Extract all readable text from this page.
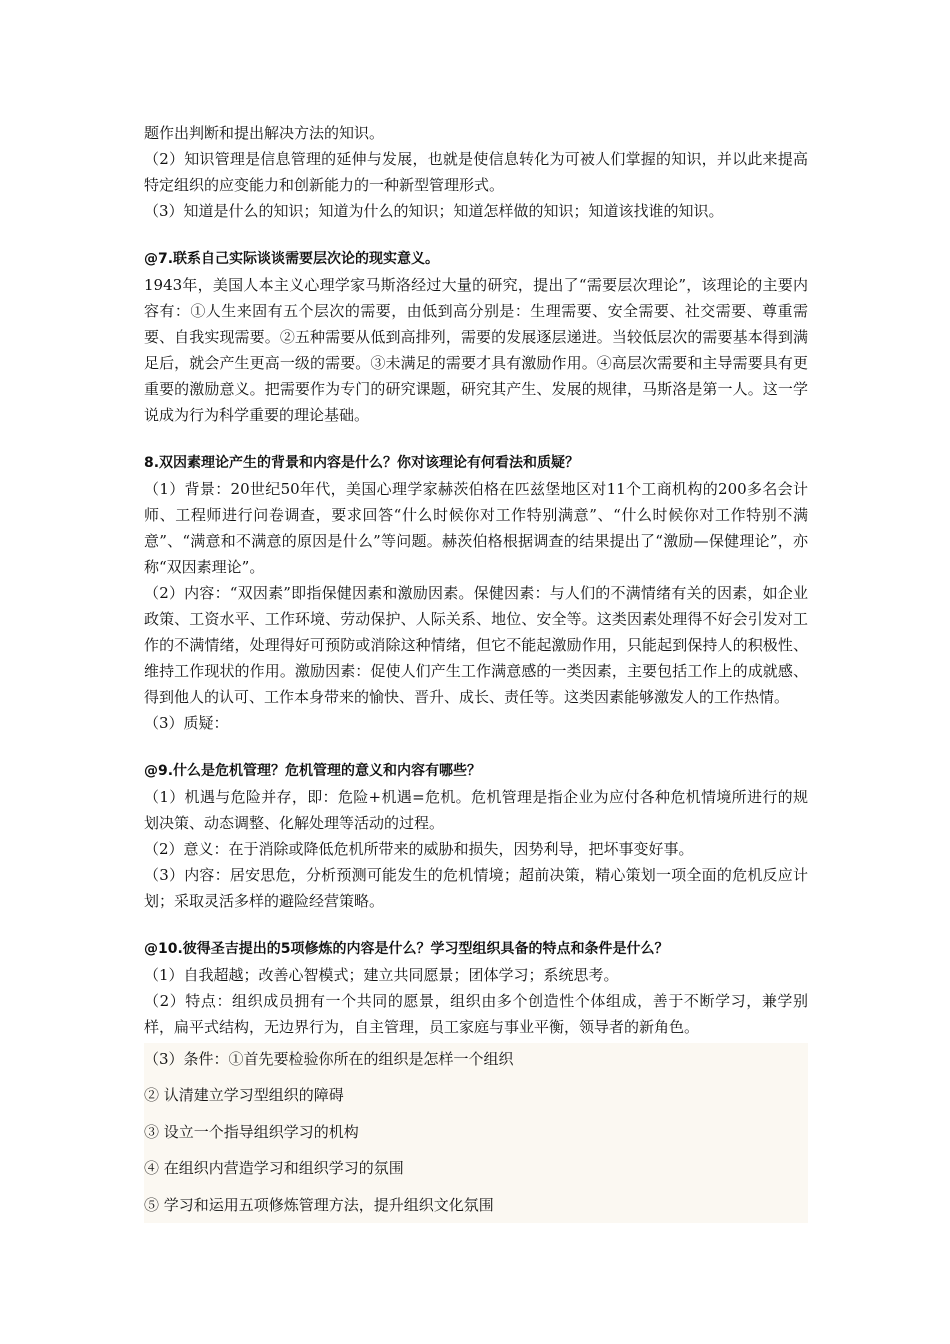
题作出判断和提出解决方法的知识。

（2）知识管理是信息管理的延伸与发展，也就是使信息转化为可被人们掌握的知识，并以此来提高特定组织的应变能力和创新能力的一种新型管理形式。

（3）知道是什么的知识；知道为什么的知识；知道怎样做的知识；知道该找谁的知识。

@7.联系自己实际谈谈需要层次论的现实意义。

1943年，美国人本主义心理学家马斯洛经过大量的研究，提出了“需要层次理论”，该理论的主要内容有：①人生来固有五个层次的需要，由低到高分别是：生理需要、安全需要、社交需要、尊重需要、自我实现需要。②五种需要从低到高排列，需要的发展逐层递进。当较低层次的需要基本得到满足后，就会产生更高一级的需要。③未满足的需要才具有激励作用。④高层次需要和主导需要具有更重要的激励意义。把需要作为专门的研究课题，研究其产生、发展的规律，马斯洛是第一人。这一学说成为行为科学重要的理论基础。

8.双因素理论产生的背景和内容是什么？你对该理论有何看法和质疑？

（1）背景：20世纪50年代，美国心理学家赫茨伯格在匹兹堡地区对11个工商机构的200多名会计师、工程师进行问卷调查，要求回答“什么时候你对工作特别满意”、“什么时候你对工作特别不满意”、“满意和不满意的原因是什么”等问题。赫茨伯格根据调查的结果提出了“激励—保健理论”，亦称“双因素理论”。

（2）内容：“双因素”即指保健因素和激励因素。保健因素：与人们的不满情绪有关的因素，如企业政策、工资水平、工作环境、劳动保护、人际关系、地位、安全等。这类因素处理得不好会引发对工作的不满情绪，处理得好可预防或消除这种情绪，但它不能起激励作用，只能起到保持人的积极性、维持工作现状的作用。激励因素：促使人们产生工作满意感的一类因素，主要包括工作上的成就感、得到他人的认可、工作本身带来的愉快、晋升、成长、责任等。这类因素能够激发人的工作热情。

（3）质疑：

@9.什么是危机管理？危机管理的意义和内容有哪些？

（1）机遇与危险并存，即：危险+机遇=危机。危机管理是指企业为应付各种危机情境所进行的规划决策、动态调整、化解处理等活动的过程。

（2）意义：在于消除或降低危机所带来的威胁和损失，因势利导，把坏事变好事。

（3）内容：居安思危，分析预测可能发生的危机情境；超前决策，精心策划一项全面的危机反应计划；采取灵活多样的避险经营策略。

@10.彼得圣吉提出的5项修炼的内容是什么？学习型组织具备的特点和条件是什么？

（1）自我超越；改善心智模式；建立共同愿景；团体学习；系统思考。

（2）特点：组织成员拥有一个共同的愿景，组织由多个创造性个体组成，善于不断学习，兼学别样，扁平式结构，无边界行为，自主管理，员工家庭与事业平衡，领导者的新角色。

（3）条件：①首先要检验你所在的组织是怎样一个组织
② 认清建立学习型组织的障碍
③ 设立一个指导组织学习的机构
④ 在组织内营造学习和组织学习的氛围
⑤ 学习和运用五项修炼管理方法，提升组织文化氛围
